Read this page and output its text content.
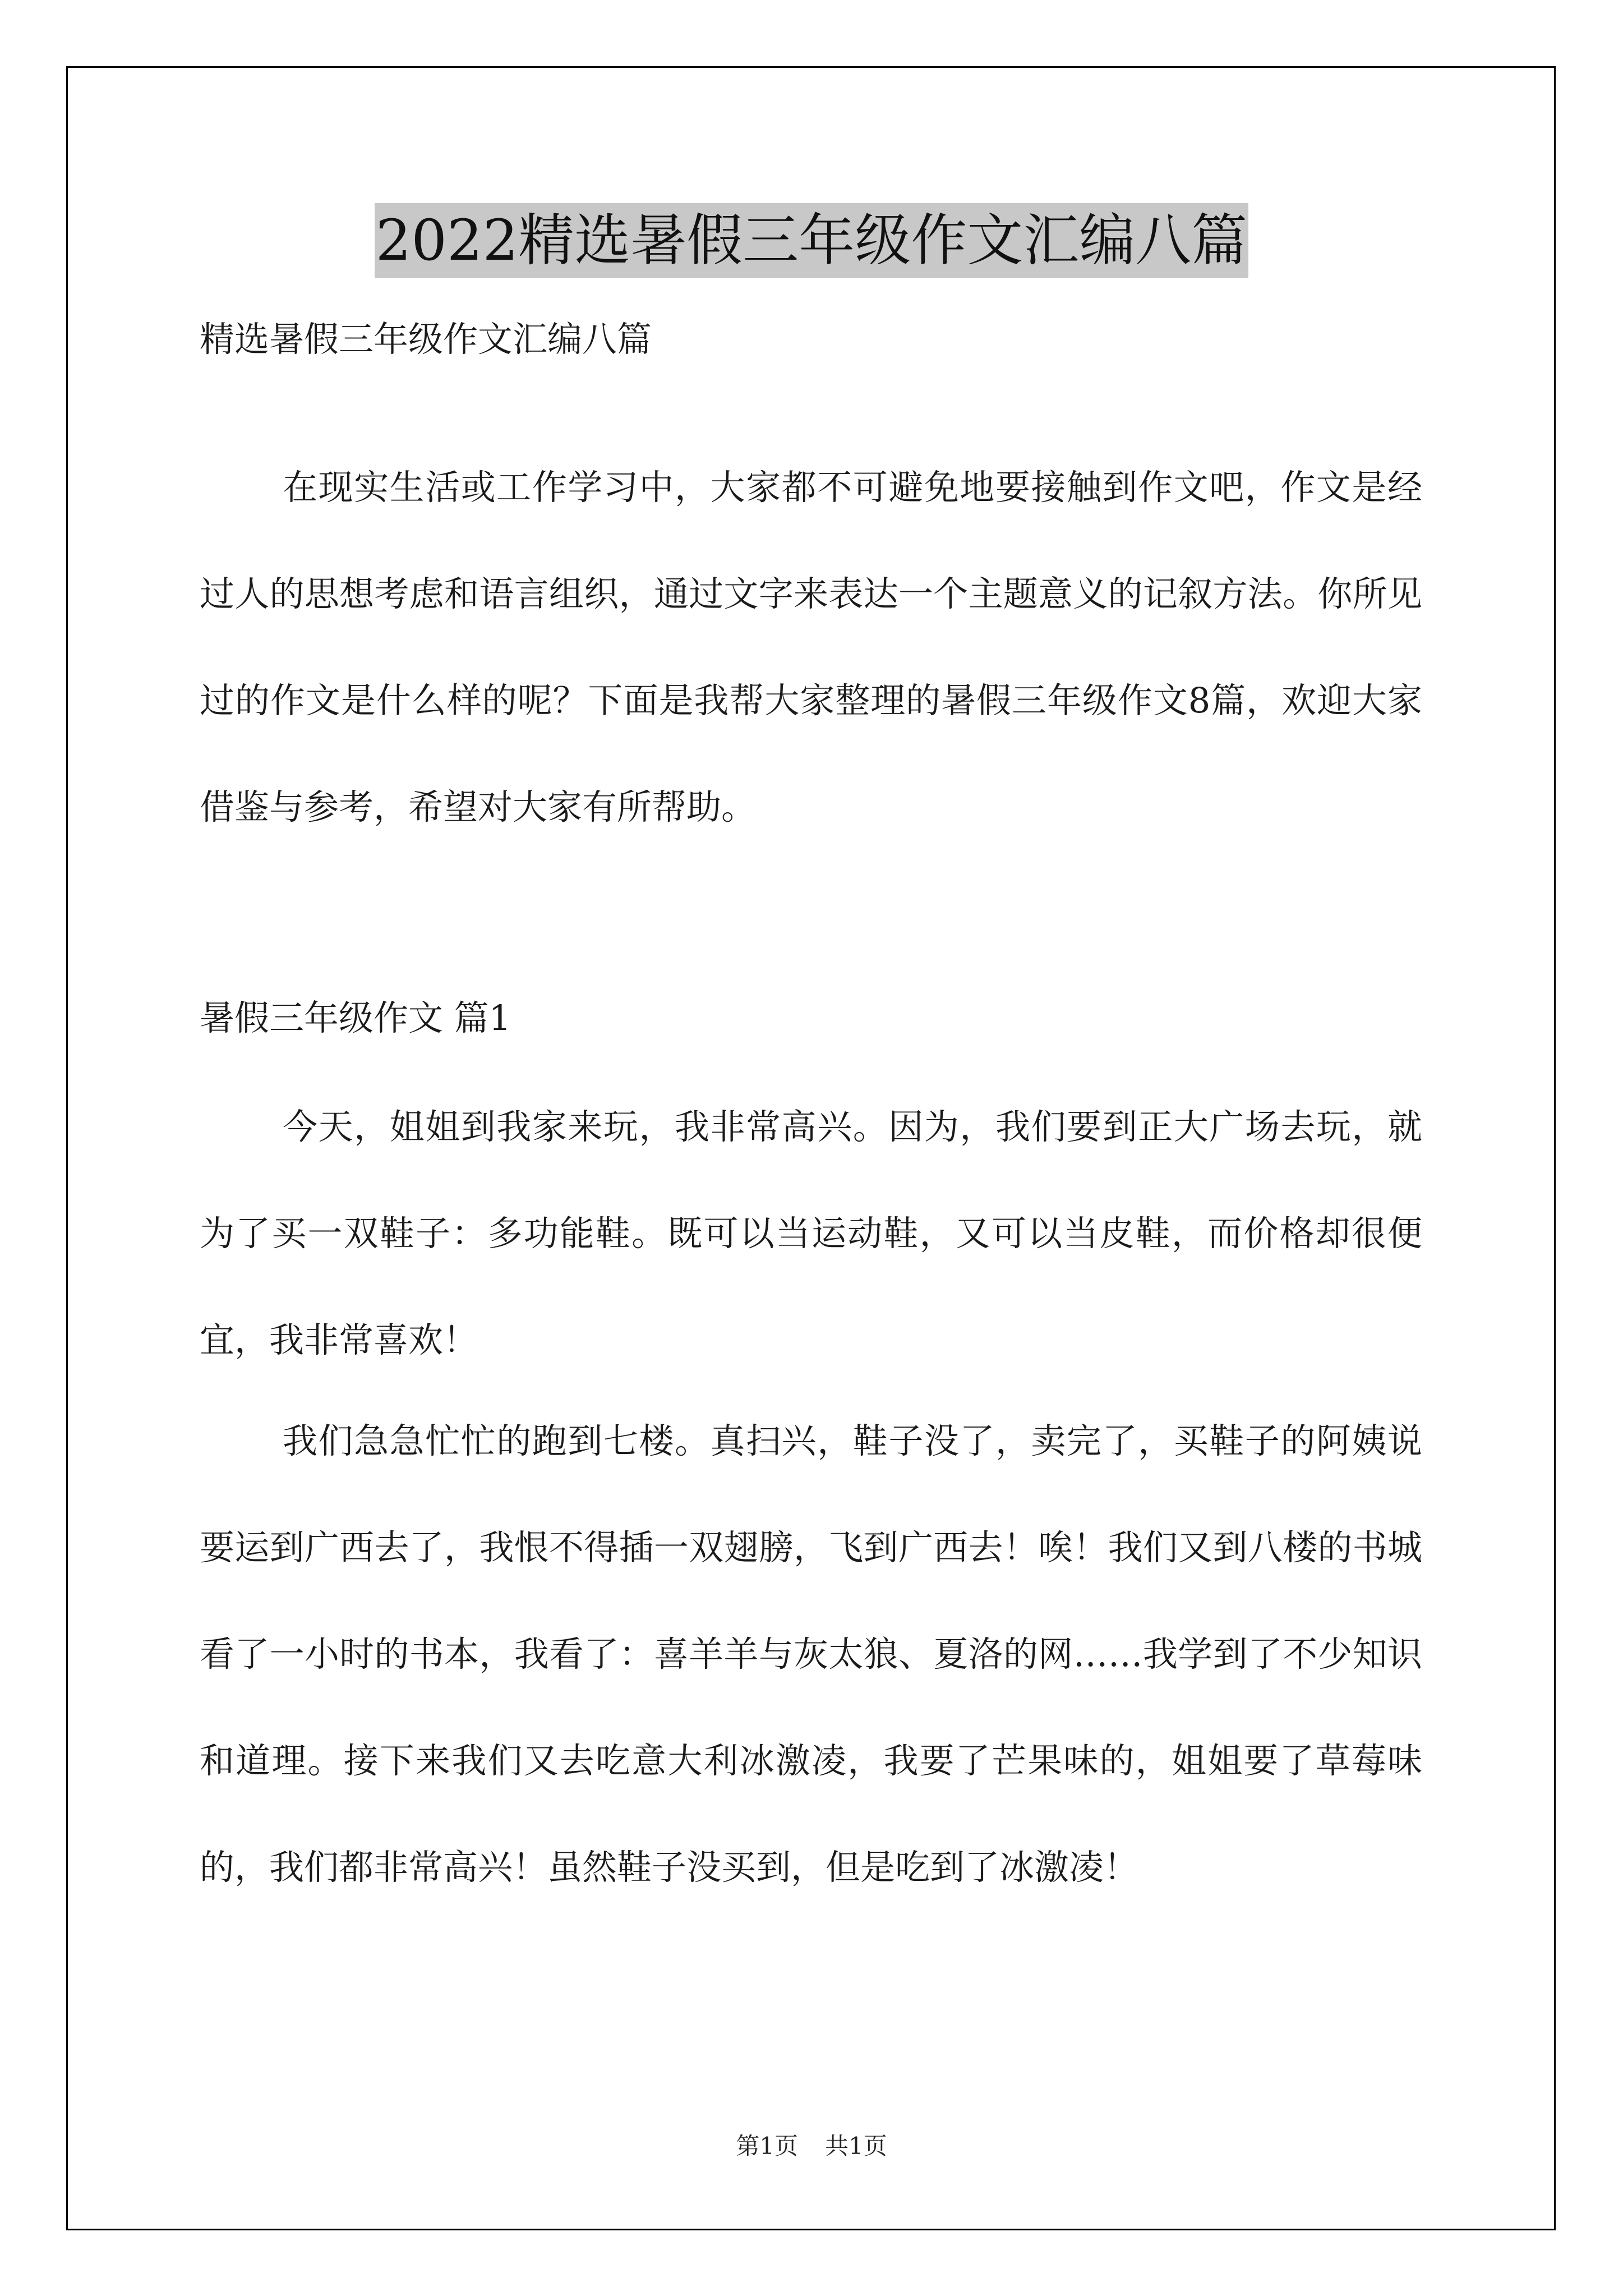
2022精选暑假三年级作文汇编八篇
精选暑假三年级作文汇编八篇

在现实生活或工作学习中，大家都不可避免地要接触到作文吧，作文是经过人的思想考虑和语言组织，通过文字来表达一个主题意义的记叙方法。你所见过的作文是什么样的呢？下面是我帮大家整理的暑假三年级作文8篇，欢迎大家借鉴与参考，希望对大家有所帮助。

暑假三年级作文 篇1

今天，姐姐到我家来玩，我非常高兴。因为，我们要到正大广场去玩，就为了买一双鞋子：多功能鞋。既可以当运动鞋，又可以当皮鞋，而价格却很便宜，我非常喜欢！

我们急急忙忙的跑到七楼。真扫兴，鞋子没了，卖完了，买鞋子的阿姨说要运到广西去了，我恨不得插一双翅膀，飞到广西去！唉！我们又到八楼的书城看了一小时的书本，我看了：喜羊羊与灰太狼、夏洛的网……我学到了不少知识和道理。接下来我们又去吃意大利冰激凌，我要了芒果味的，姐姐要了草莓味的，我们都非常高兴！虽然鞋子没买到，但是吃到了冰激凌！

第1页 共1页
